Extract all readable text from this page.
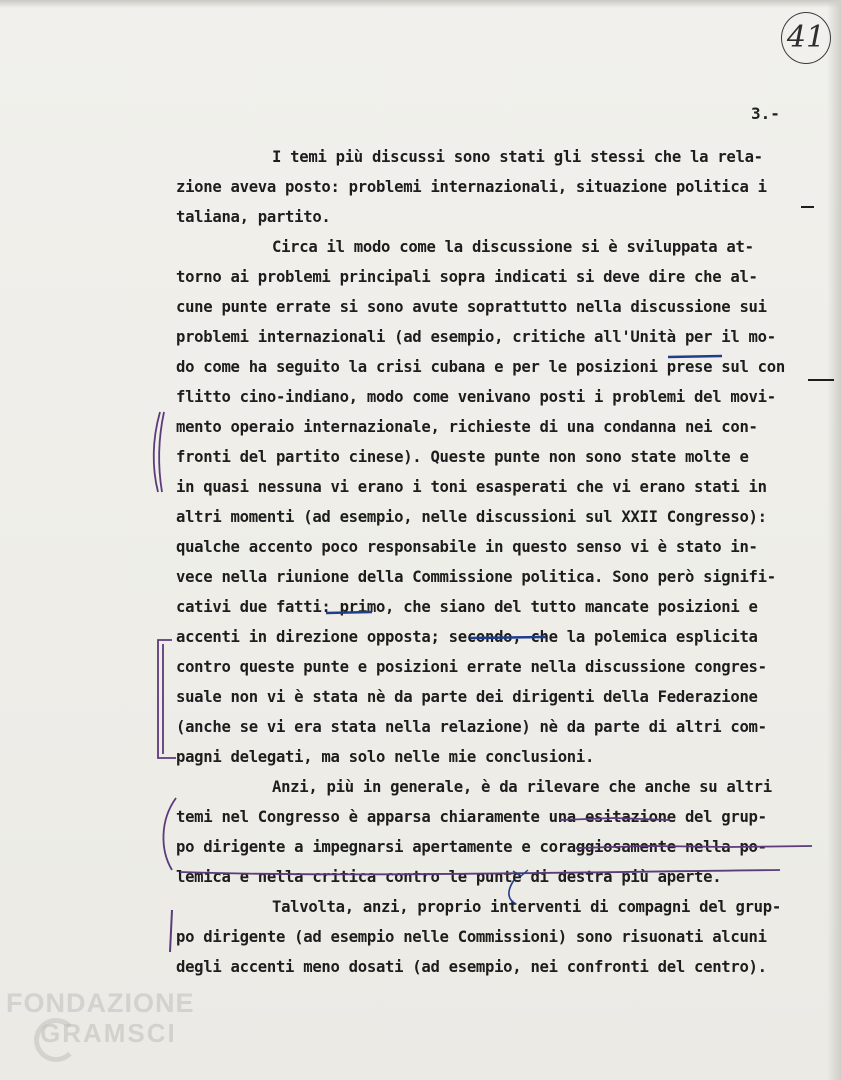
41
3.-
I temi più discussi sono stati gli stessi che la rela-
zione aveva posto: problemi internazionali, situazione politica i
taliana, partito.
Circa il modo come la discussione si è sviluppata at-
torno ai problemi principali sopra indicati si deve dire che al-
cune punte errate si sono avute soprattutto nella discussione sui
problemi internazionali (ad esempio, critiche all'Unità per il mo-
do come ha seguito la crisi cubana e per le posizioni prese sul con
flitto cino-indiano, modo come venivano posti i problemi del movi-
mento operaio internazionale, richieste di una condanna nei con-
fronti del partito cinese). Queste punte non sono state molte e
in quasi nessuna vi erano i toni esasperati che vi erano stati in
altri momenti (ad esempio, nelle discussioni sul XXII Congresso):
qualche accento poco responsabile in questo senso vi è stato in-
vece nella riunione della Commissione politica. Sono però signifi-
cativi due fatti: primo, che siano del tutto mancate posizioni e
accenti in direzione opposta; secondo, che la polemica esplicita
contro queste punte e posizioni errate nella discussione congres-
suale non vi è stata nè da parte dei dirigenti della Federazione
(anche se vi era stata nella relazione) nè da parte di altri com-
pagni delegati, ma solo nelle mie conclusioni.
Anzi, più in generale, è da rilevare che anche su altri
temi nel Congresso è apparsa chiaramente una esitazione del grup-
po dirigente a impegnarsi apertamente e coraggiosamente nella po-
lemica e nella critica contro le punte di destra più aperte.
Talvolta, anzi, proprio interventi di compagni del grup-
po dirigente (ad esempio nelle Commissioni) sono risuonati alcuni
degli accenti meno dosati (ad esempio, nei confronti del centro).
FONDAZIONE
GRAMSCI
